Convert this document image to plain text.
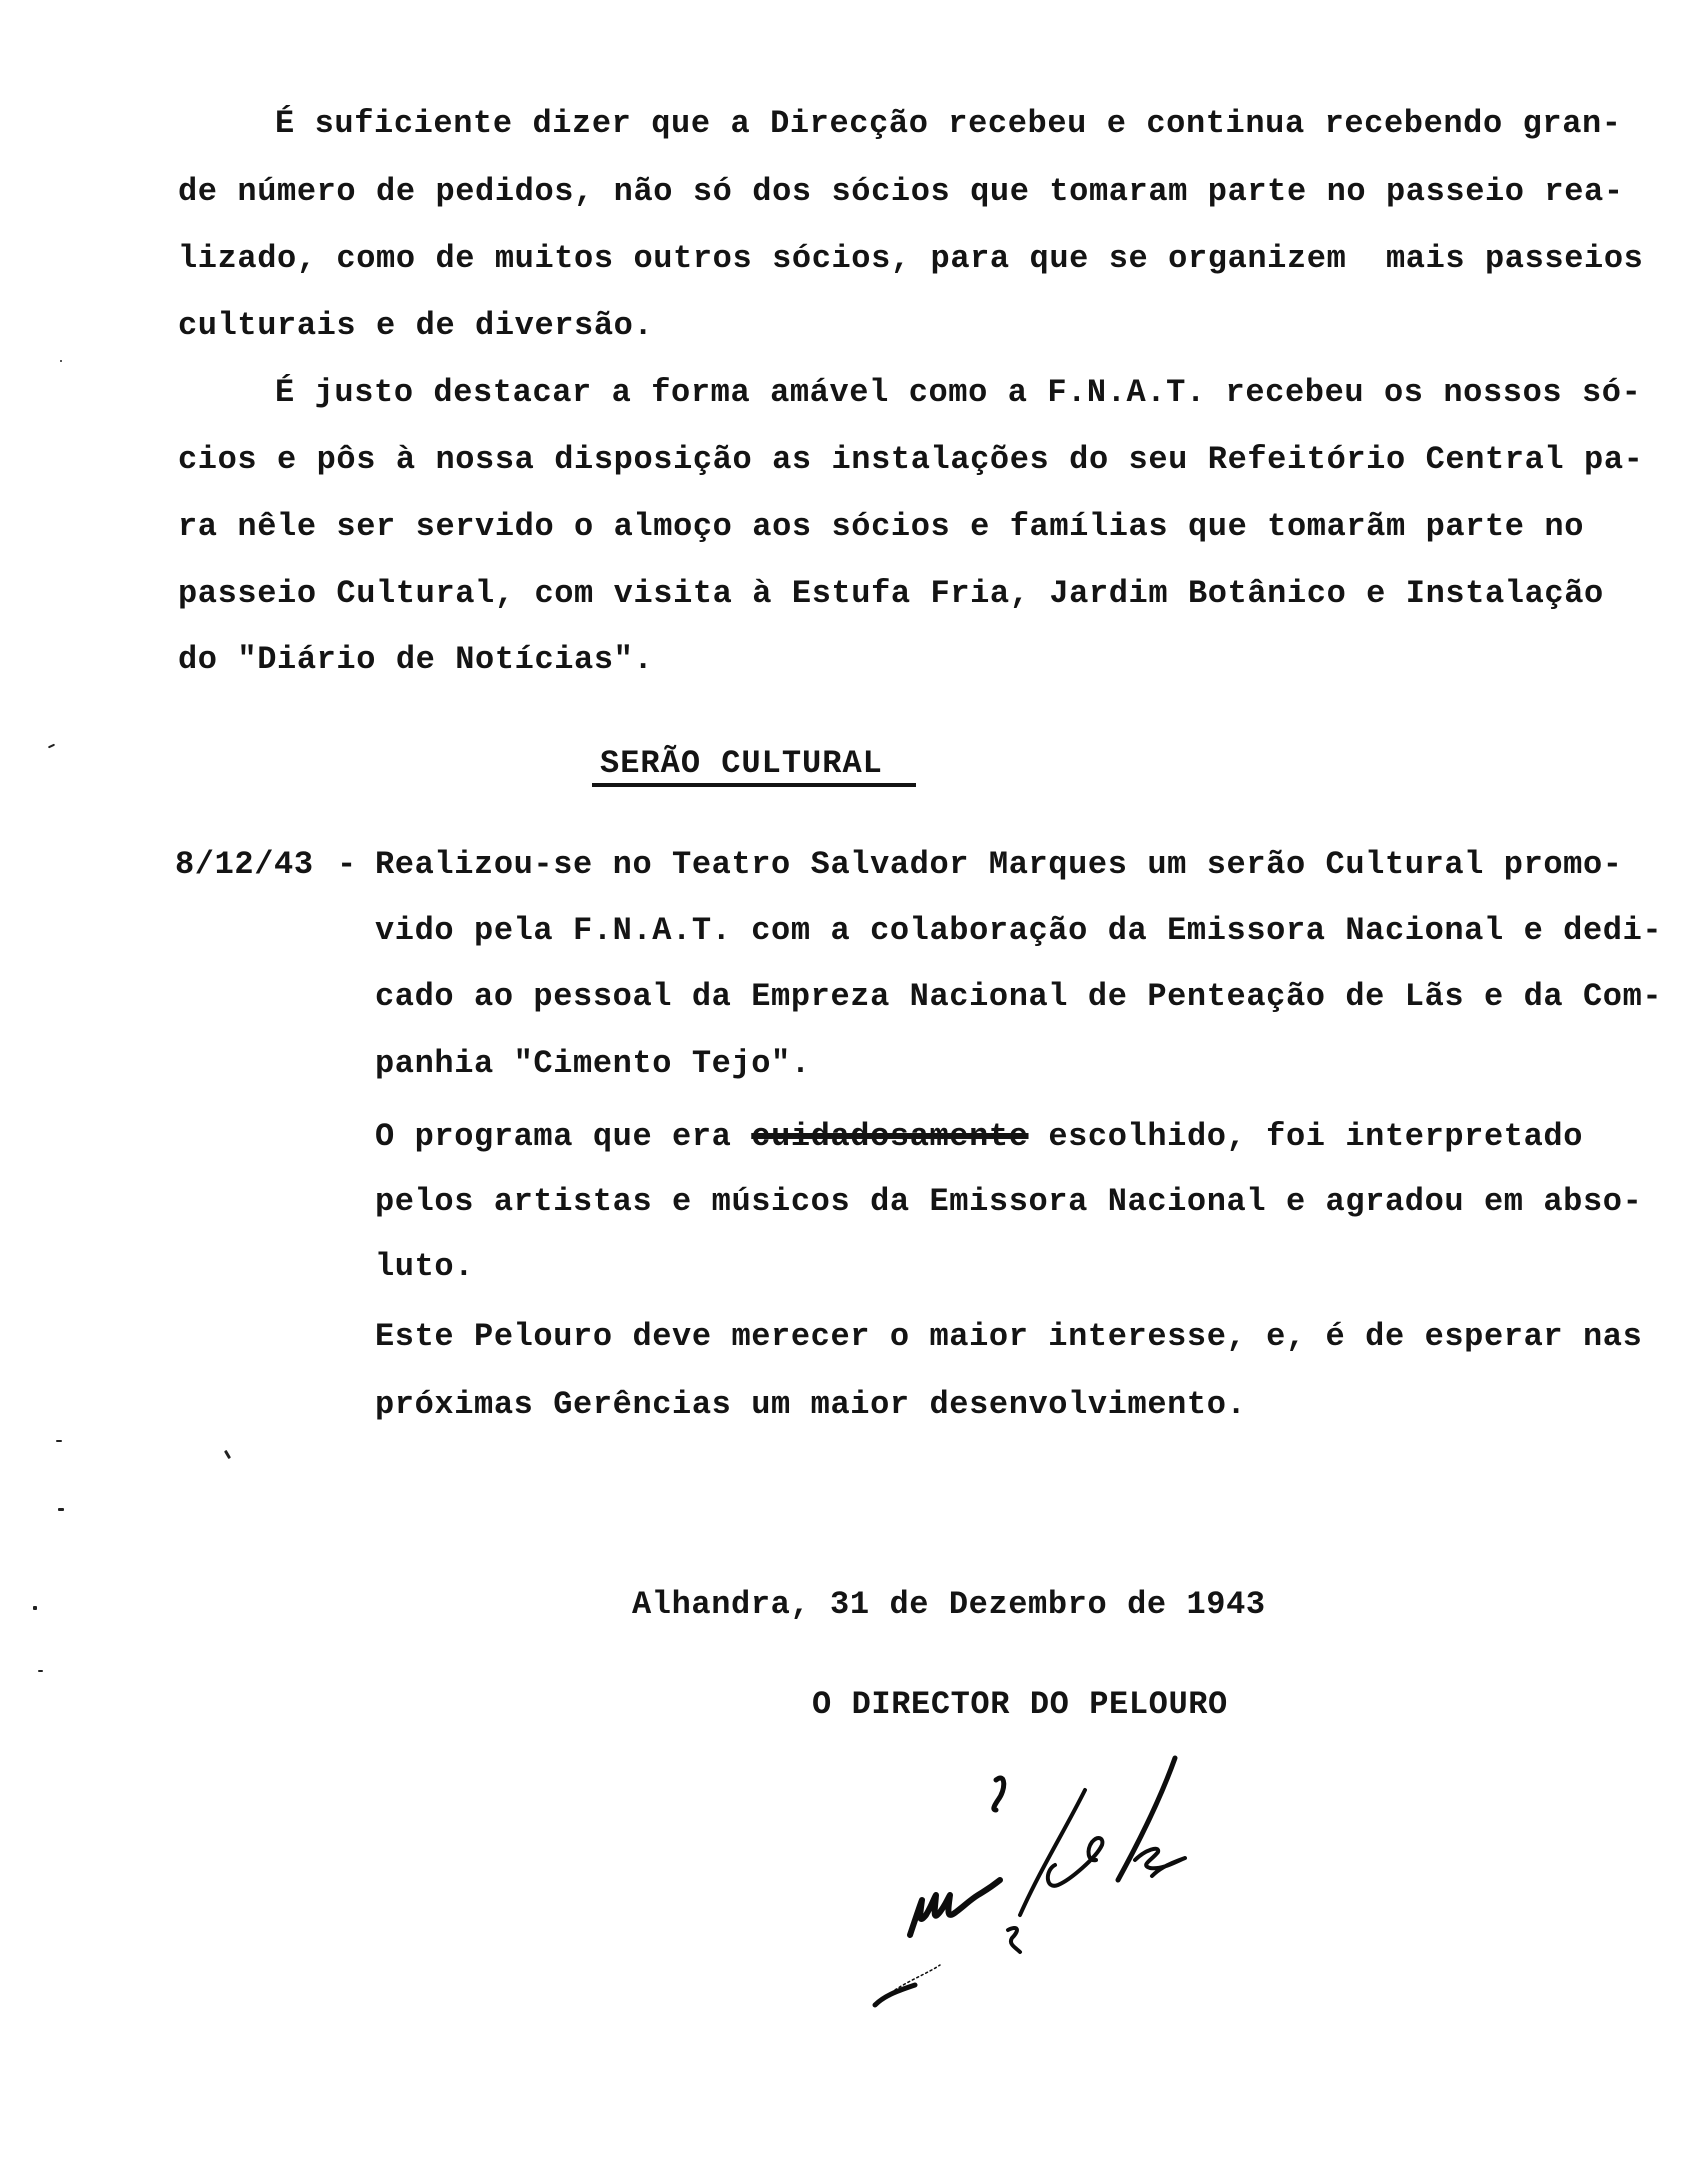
É suficiente dizer que a Direcção recebeu e continua recebendo gran-
de número de pedidos, não só dos sócios que tomaram parte no passeio rea-
lizado, como de muitos outros sócios, para que se organizem  mais passeios
culturais e de diversão.
É justo destacar a forma amável como a F.N.A.T. recebeu os nossos só-
cios e pôs à nossa disposição as instalações do seu Refeitório Central pa-
ra nêle ser servido o almoço aos sócios e famílias que tomarãm parte no
passeio Cultural, com visita à Estufa Fria, Jardim Botânico e Instalação
do "Diário de Notícias".
SERÃO CULTURAL
8/12/43 - Realizou-se no Teatro Salvador Marques um serão Cultural promo-
vido pela F.N.A.T. com a colaboração da Emissora Nacional e dedi-
cado ao pessoal da Empreza Nacional de Penteação de Lãs e da Com-
panhia "Cimento Tejo".
O programa que era cuidadosamente escolhido, foi interpretado
pelos artistas e músicos da Emissora Nacional e agradou em abso-
luto.
Este Pelouro deve merecer o maior interesse, e, é de esperar nas
próximas Gerências um maior desenvolvimento.
Alhandra, 31 de Dezembro de 1943
O DIRECTOR DO PELOURO
